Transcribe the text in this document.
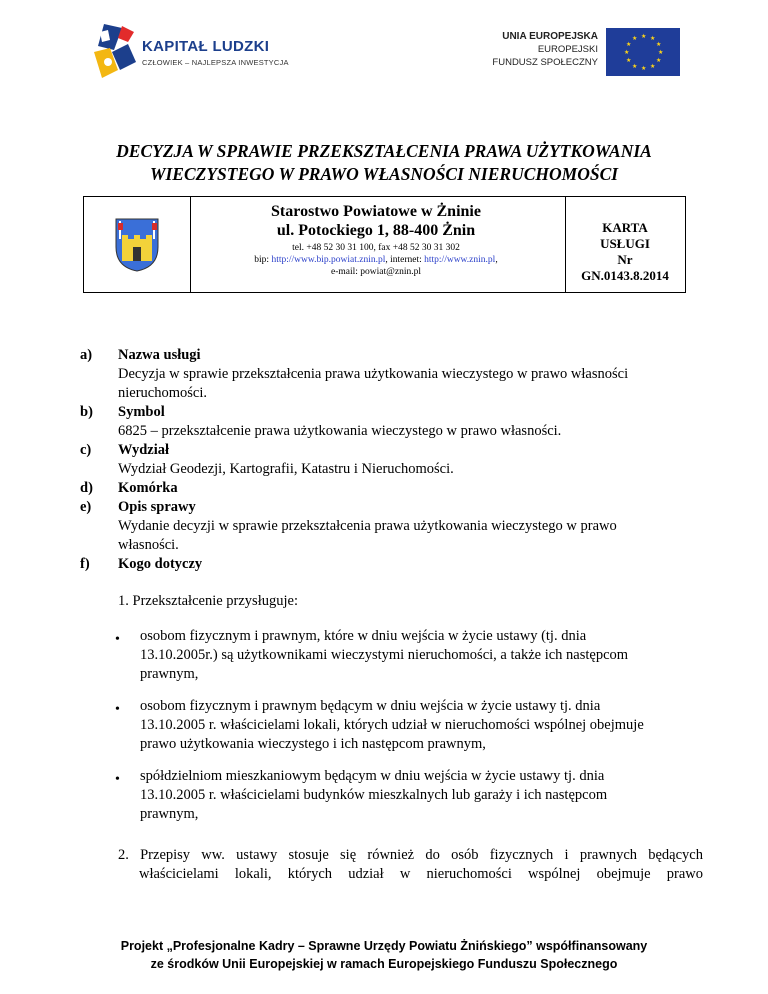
KAPITAŁ LUDZKI
CZŁOWIEK – NAJLEPSZA INWESTYCJA
UNIA EUROPEJSKA
EUROPEJSKI
FUNDUSZ SPOŁECZNY
★ ★
★
★
★
★
★
★
★
★
★
★
DECYZJA W SPRAWIE PRZEKSZTAŁCENIA PRAWA UŻYTKOWANIA
WIECZYSTEGO W PRAWO WŁASNOŚCI NIERUCHOMOŚCI
Starostwo Powiatowe w Żninie
ul. Potockiego 1, 88-400 Żnin
tel. +48 52 30 31 100, fax +48 52 30 31 302
bip: http://www.bip.powiat.znin.pl, internet: http://www.znin.pl,
e-mail: powiat@znin.pl
KARTA
USŁUGI
Nr
GN.0143.8.2014
a) Nazwa usługi
Decyzja w sprawie przekształcenia prawa użytkowania wieczystego w prawo własności
nieruchomości.
b) Symbol
6825 – przekształcenie prawa użytkowania wieczystego w prawo własności.
c) Wydział
Wydział Geodezji, Kartografii, Katastru i Nieruchomości.
d) Komórka
e) Opis sprawy
Wydanie decyzji w sprawie przekształcenia prawa użytkowania wieczystego w prawo
własności.
f) Kogo dotyczy
1. Przekształcenie przysługuje:
• osobom fizycznym i prawnym, które w dniu wejścia w życie ustawy (tj. dnia
13.10.2005r.) są użytkownikami wieczystymi nieruchomości, a także ich następcom
prawnym,
• osobom fizycznym i prawnym będącym w dniu wejścia w życie ustawy tj. dnia
13.10.2005 r. właścicielami lokali, których udział w nieruchomości wspólnej obejmuje
prawo użytkowania wieczystego i ich następcom prawnym,
• spółdzielniom mieszkaniowym będącym w dniu wejścia w życie ustawy tj. dnia
13.10.2005 r. właścicielami budynków mieszkalnych lub garaży i ich następcom
prawnym,
2. Przepisy ww. ustawy stosuje się również do osób fizycznych i prawnych będących
właścicielami lokali, których udział w nieruchomości wspólnej obejmuje prawo
Projekt „Profesjonalne Kadry – Sprawne Urzędy Powiatu Żnińskiego” współfinansowany
ze środków Unii Europejskiej w ramach Europejskiego Funduszu Społecznego
